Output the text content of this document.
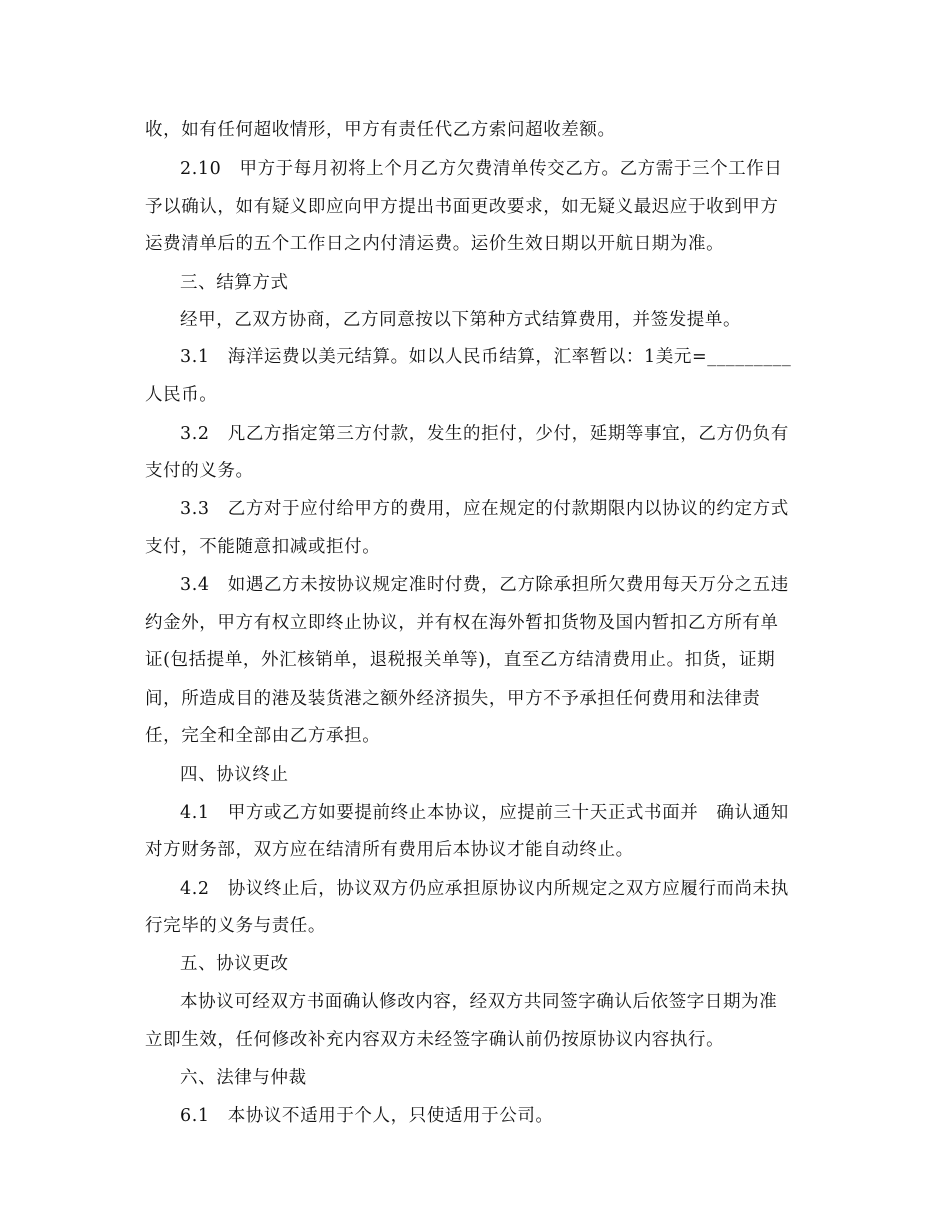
收，如有任何超收情形，甲方有责任代乙方索问超收差额。
2.10　甲方于每月初将上个月乙方欠费清单传交乙方。乙方需于三个工作日
予以确认，如有疑义即应向甲方提出书面更改要求，如无疑义最迟应于收到甲方
运费清单后的五个工作日之内付清运费。运价生效日期以开航日期为准。
三、结算方式
经甲，乙双方协商，乙方同意按以下第种方式结算费用，并签发提单。
3.1　海洋运费以美元结算。如以人民币结算，汇率暂以：1美元=_________
人民币。
3.2　凡乙方指定第三方付款，发生的拒付，少付，延期等事宜，乙方仍负有
支付的义务。
3.3　乙方对于应付给甲方的费用，应在规定的付款期限内以协议的约定方式
支付，不能随意扣减或拒付。
3.4　如遇乙方未按协议规定准时付费，乙方除承担所欠费用每天万分之五违
约金外，甲方有权立即终止协议，并有权在海外暂扣货物及国内暂扣乙方所有单
证(包括提单，外汇核销单，退税报关单等)，直至乙方结清费用止。扣货，证期
间，所造成目的港及装货港之额外经济损失，甲方不予承担任何费用和法律责
任，完全和全部由乙方承担。
四、协议终止
4.1　甲方或乙方如要提前终止本协议，应提前三十天正式书面并　确认通知
对方财务部，双方应在结清所有费用后本协议才能自动终止。
4.2　协议终止后，协议双方仍应承担原协议内所规定之双方应履行而尚未执
行完毕的义务与责任。
五、协议更改
本协议可经双方书面确认修改内容，经双方共同签字确认后依签字日期为准
立即生效，任何修改补充内容双方未经签字确认前仍按原协议内容执行。
六、法律与仲裁
6.1　本协议不适用于个人，只使适用于公司。
